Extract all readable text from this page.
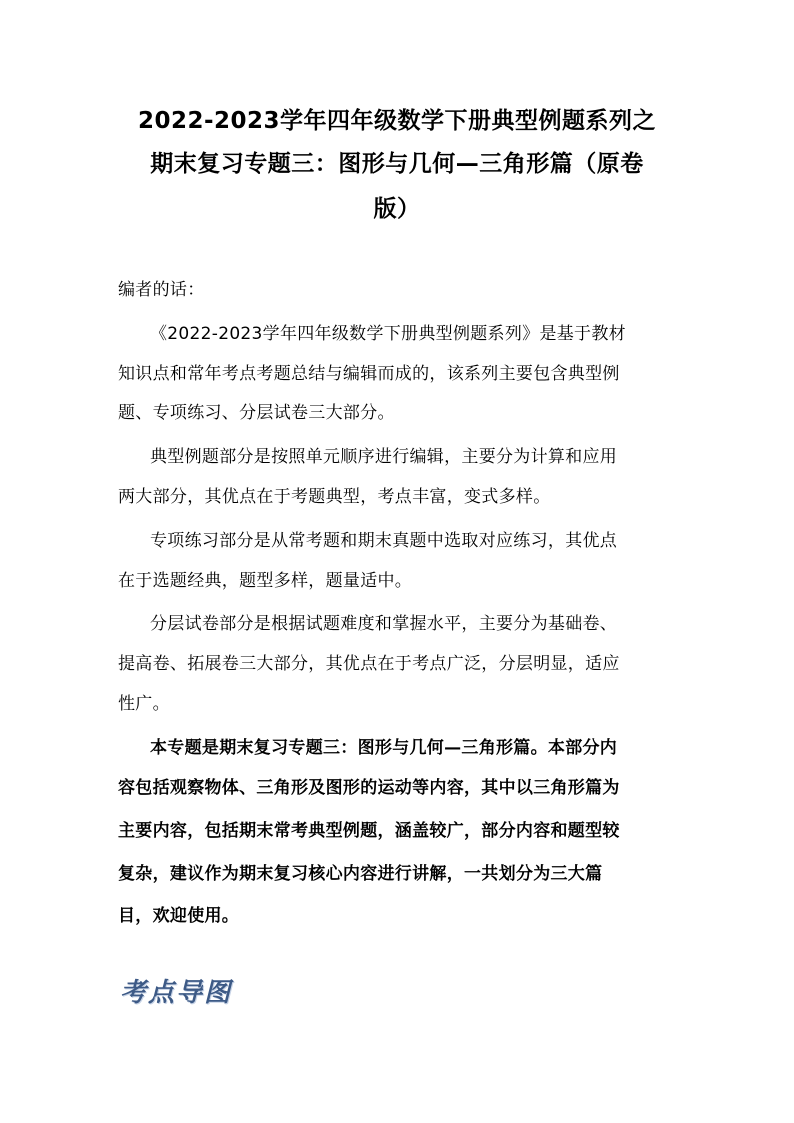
2022-2023学年四年级数学下册典型例题系列之
期末复习专题三：图形与几何—三角形篇（原卷
版）
编者的话：
《2022-2023学年四年级数学下册典型例题系列》是基于教材
知识点和常年考点考题总结与编辑而成的，该系列主要包含典型例
题、专项练习、分层试卷三大部分。
典型例题部分是按照单元顺序进行编辑，主要分为计算和应用
两大部分，其优点在于考题典型，考点丰富，变式多样。
专项练习部分是从常考题和期末真题中选取对应练习，其优点
在于选题经典，题型多样，题量适中。
分层试卷部分是根据试题难度和掌握水平，主要分为基础卷、
提高卷、拓展卷三大部分，其优点在于考点广泛，分层明显，适应
性广。
本专题是期末复习专题三：图形与几何—三角形篇。本部分内
容包括观察物体、三角形及图形的运动等内容，其中以三角形篇为
主要内容，包括期末常考典型例题，涵盖较广，部分内容和题型较
复杂，建议作为期末复习核心内容进行讲解，一共划分为三大篇
目，欢迎使用。
考点导图
